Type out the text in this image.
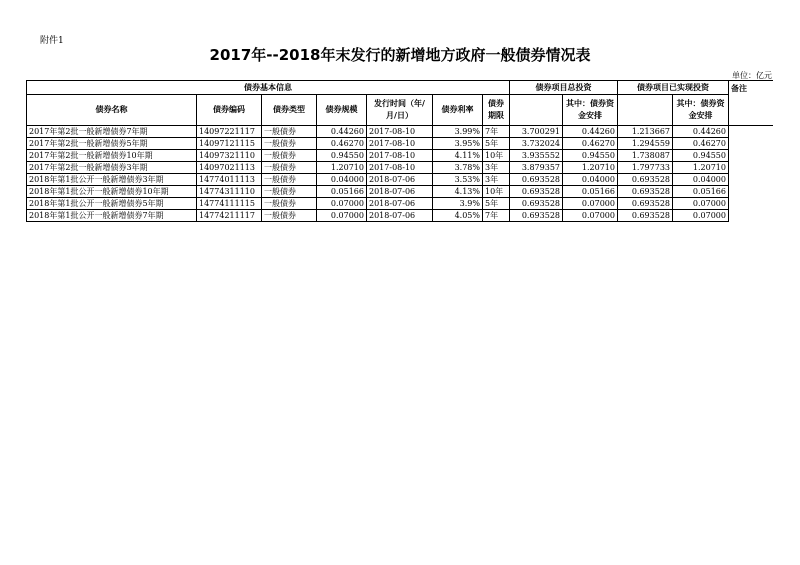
附件1
2017年--2018年末发行的新增地方政府一般债券情况表
单位：亿元
债券基本信息							债券项目总投资		债券项目已实现投资		备注
债券名称	债券编码	债券类型	债券规模	发行时间（年/月/日）	债券利率	债券期限		其中：债券资金安排		其中：债券资金安排	
2017年第2批一般新增债券7年期	14097221117	一般债券	0.44260	2017-08-10	3.99%	7年	3.700291	0.44260	1.213667	0.44260	
2017年第2批一般新增债券5年期	14097121115	一般债券	0.46270	2017-08-10	3.95%	5年	3.732024	0.46270	1.294559	0.46270	
2017年第2批一般新增债券10年期	14097321110	一般债券	0.94550	2017-08-10	4.11%	10年	3.935552	0.94550	1.738087	0.94550	
2017年第2批一般新增债券3年期	14097021113	一般债券	1.20710	2017-08-10	3.78%	3年	3.879357	1.20710	1.797733	1.20710	
2018年第1批公开一般新增债券3年期	14774011113	一般债券	0.04000	2018-07-06	3.53%	3年	0.693528	0.04000	0.693528	0.04000	
2018年第1批公开一般新增债券10年期	14774311110	一般债券	0.05166	2018-07-06	4.13%	10年	0.693528	0.05166	0.693528	0.05166	
2018年第1批公开一般新增债券5年期	14774111115	一般债券	0.07000	2018-07-06	3.9%	5年	0.693528	0.07000	0.693528	0.07000	
2018年第1批公开一般新增债券7年期	14774211117	一般债券	0.07000	2018-07-06	4.05%	7年	0.693528	0.07000	0.693528	0.07000	
